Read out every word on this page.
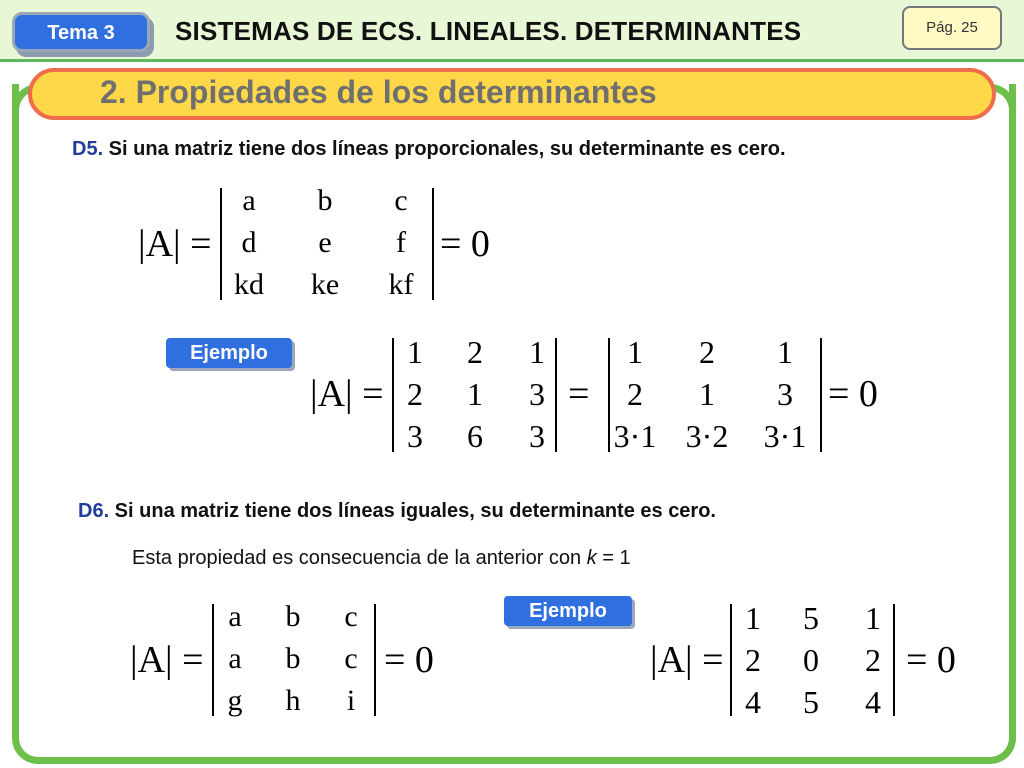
Tema 3	SISTEMAS DE ECS. LINEALES. DETERMINANTES	Pág. 25
2. Propiedades de los determinantes
D5. Si una matriz tiene dos líneas proporcionales, su determinante es cero.
|A| =
a	b	c
d	e	f
kd	ke	kf
= 0
Ejemplo
|A| =
1	2	1
2	1	3
3	6	3
=
1	2	1
2	1	3
3·1 3·2	3·1
= 0
D6. Si una matriz tiene dos líneas iguales, su determinante es cero.
Esta propiedad es consecuencia de la anterior con k = 1
|A| =
a	b	c
a	b	c
g	h	i
= 0
Ejemplo
|A| =
1	5	1
2	0	2
4	5	4
= 0
